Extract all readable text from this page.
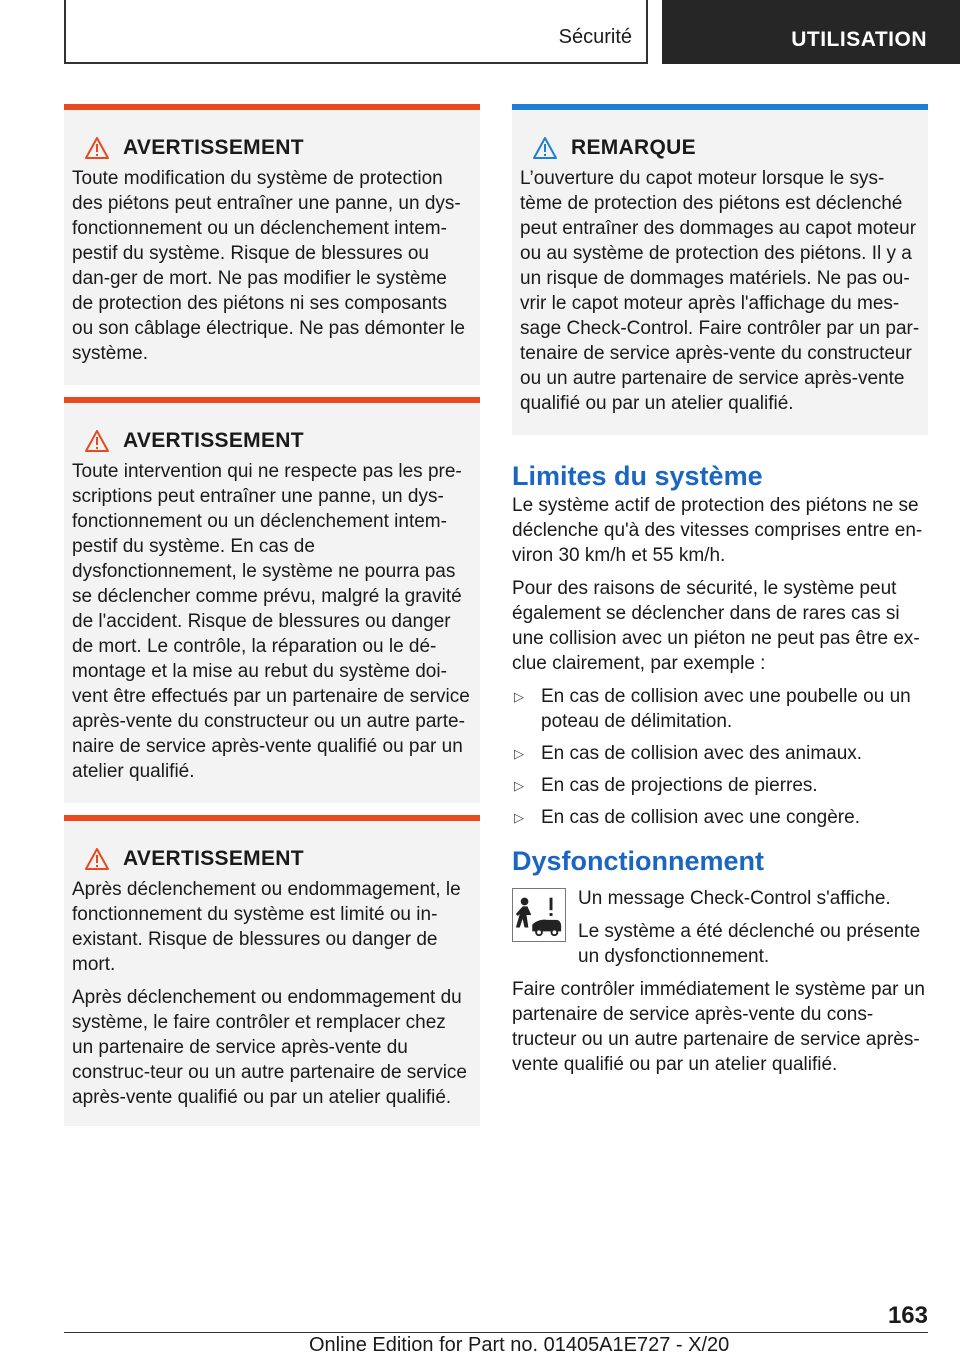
Sécurité	UTILISATION
AVERTISSEMENT

Toute modification du système de protection des piétons peut entraîner une panne, un dys-fonctionnement ou un déclenchement intem-pestif du système. Risque de blessures ou dan-ger de mort. Ne pas modifier le système de protection des piétons ni ses composants ou son câblage électrique. Ne pas démonter le système.

AVERTISSEMENT

Toute intervention qui ne respecte pas les pre-scriptions peut entraîner une panne, un dys-fonctionnement ou un déclenchement intem-pestif du système. En cas de dysfonctionnement, le système ne pourra pas se déclencher comme prévu, malgré la gravité de l'accident. Risque de blessures ou danger de mort. Le contrôle, la réparation ou le dé-montage et la mise au rebut du système doi-vent être effectués par un partenaire de service après-vente du constructeur ou un autre parte-naire de service après-vente qualifié ou par un atelier qualifié.

AVERTISSEMENT

Après déclenchement ou endommagement, le fonctionnement du système est limité ou in-existant. Risque de blessures ou danger de mort.

Après déclenchement ou endommagement du système, le faire contrôler et remplacer chez un partenaire de service après-vente du construc-teur ou un autre partenaire de service après-vente qualifié ou par un atelier qualifié.

REMARQUE

L’ouverture du capot moteur lorsque le sys-tème de protection des piétons est déclenché peut entraîner des dommages au capot moteur ou au système de protection des piétons. Il y a un risque de dommages matériels. Ne pas ou-vrir le capot moteur après l'affichage du mes-sage Check-Control. Faire contrôler par un par-tenaire de service après-vente du constructeur ou un autre partenaire de service après-vente qualifié ou par un atelier qualifié.

Limites du système

Le système actif de protection des piétons ne se déclenche qu'à des vitesses comprises entre en-viron 30 km/h et 55 km/h.

Pour des raisons de sécurité, le système peut également se déclencher dans de rares cas si une collision avec un piéton ne peut pas être ex-clue clairement, par exemple :

▷ En cas de collision avec une poubelle ou un poteau de délimitation.
▷ En cas de collision avec des animaux.
▷ En cas de projections de pierres.
▷ En cas de collision avec une congère.
Dysfonctionnement

Un message Check-Control s'affiche.

Le système a été déclenché ou présente un dysfonctionnement.

Faire contrôler immédiatement le système par un partenaire de service après-vente du cons-tructeur ou un autre partenaire de service après-vente qualifié ou par un atelier qualifié.

163
Online Edition for Part no. 01405A1E727 - X/20
